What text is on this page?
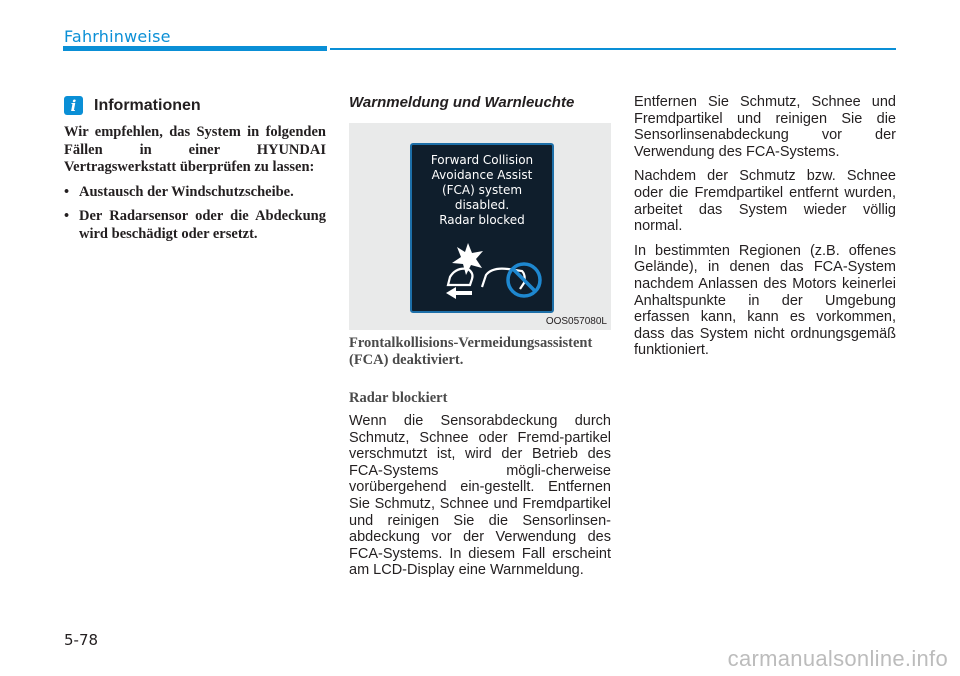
Fahrhinweise
i	Informationen

Wir empfehlen, das System in folgenden Fällen in einer HYUNDAI Vertragswerkstatt überprüfen zu lassen:

• Austausch der Windschutzscheibe.
• Der Radarsensor oder die Abdeckung wird beschädigt oder ersetzt.
Warnmeldung und Warnleuchte
Forward Collision
Avoidance Assist
(FCA) system
disabled.
Radar blocked
OOS057080L
Frontalkollisions-Vermeidungsassistent (FCA) deaktiviert.
Radar blockiert

Wenn die Sensorabdeckung durch Schmutz, Schnee oder Fremd-partikel verschmutzt ist, wird der Betrieb des FCA-Systems mögli-cherweise vorübergehend ein-gestellt. Entfernen Sie Schmutz, Schnee und Fremdpartikel und reinigen Sie die Sensorlinsen-abdeckung vor der Verwendung des FCA-Systems. In diesem Fall erscheint am LCD-Display eine Warnmeldung.

Entfernen Sie Schmutz, Schnee und Fremdpartikel und reinigen Sie die Sensorlinsenabdeckung vor der Verwendung des FCA-Systems.

Nachdem der Schmutz bzw. Schnee oder die Fremdpartikel entfernt wurden, arbeitet das System wieder völlig normal.

In bestimmten Regionen (z.B. offenes Gelände), in denen das FCA-System nachdem Anlassen des Motors keinerlei Anhaltspunkte in der Umgebung erfassen kann, kann es vorkommen, dass das System nicht ordnungsgemäß funktioniert.

5-78
carmanualsonline.info
